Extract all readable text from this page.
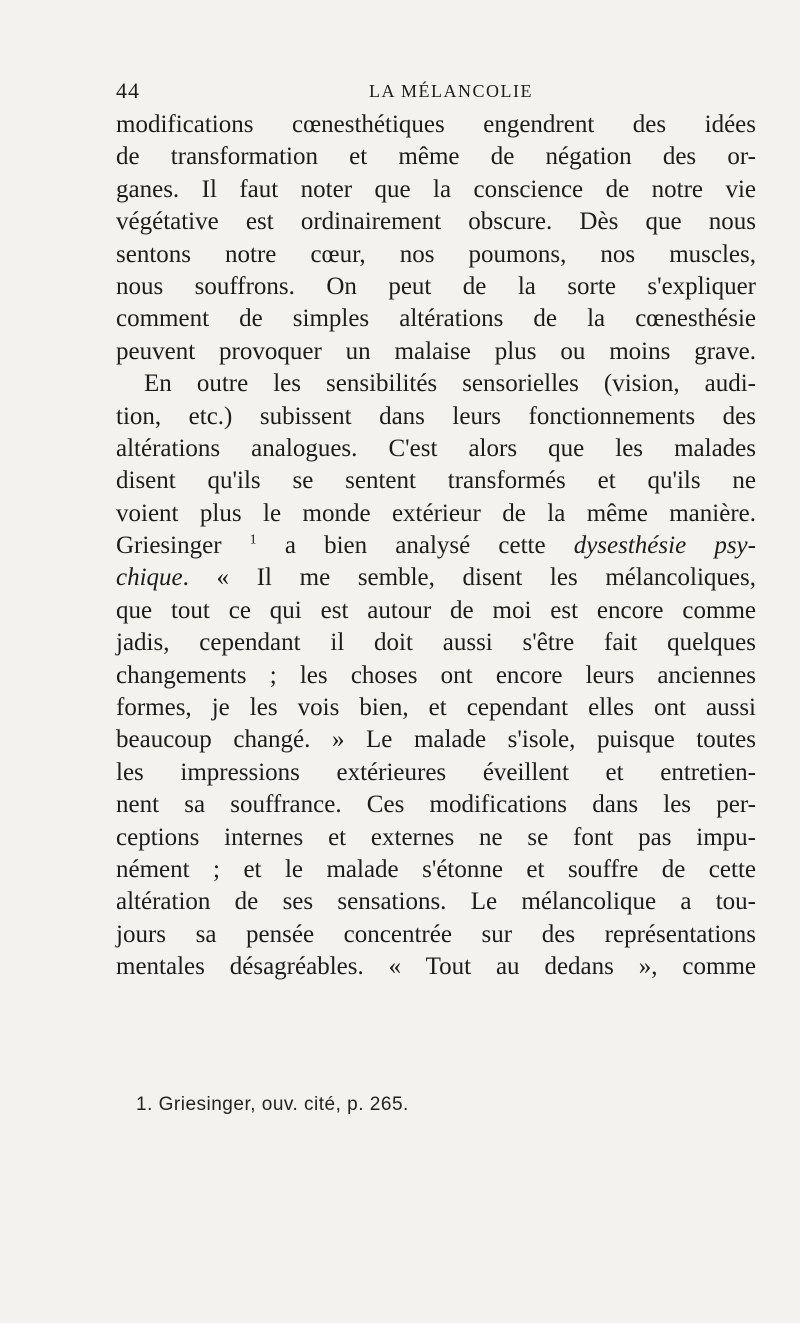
44	LA MÉLANCOLIE
modifications cœnesthétiques engendrent des idées
de transformation et même de négation des or-
ganes. Il faut noter que la conscience de notre vie
végétative est ordinairement obscure. Dès que nous
sentons notre cœur, nos poumons, nos muscles,
nous souffrons. On peut de la sorte s'expliquer
comment de simples altérations de la cœnesthésie
peuvent provoquer un malaise plus ou moins grave.
En outre les sensibilités sensorielles (vision, audi-
tion, etc.) subissent dans leurs fonctionnements des
altérations analogues. C'est alors que les malades
disent qu'ils se sentent transformés et qu'ils ne
voient plus le monde extérieur de la même manière.
Griesinger $^1$ a bien analysé cette dysesthésie psy-
chique. « Il me semble, disent les mélancoliques,
que tout ce qui est autour de moi est encore comme
jadis, cependant il doit aussi s'être fait quelques
changements ; les choses ont encore leurs anciennes
formes, je les vois bien, et cependant elles ont aussi
beaucoup changé. » Le malade s'isole, puisque toutes
les impressions extérieures éveillent et entretien-
nent sa souffrance. Ces modifications dans les per-
ceptions internes et externes ne se font pas impu-
nément ; et le malade s'étonne et souffre de cette
altération de ses sensations. Le mélancolique a tou-
jours sa pensée concentrée sur des représentations
mentales désagréables. « Tout au dedans », comme
1. Griesinger, ouv. cité, p. 265.
